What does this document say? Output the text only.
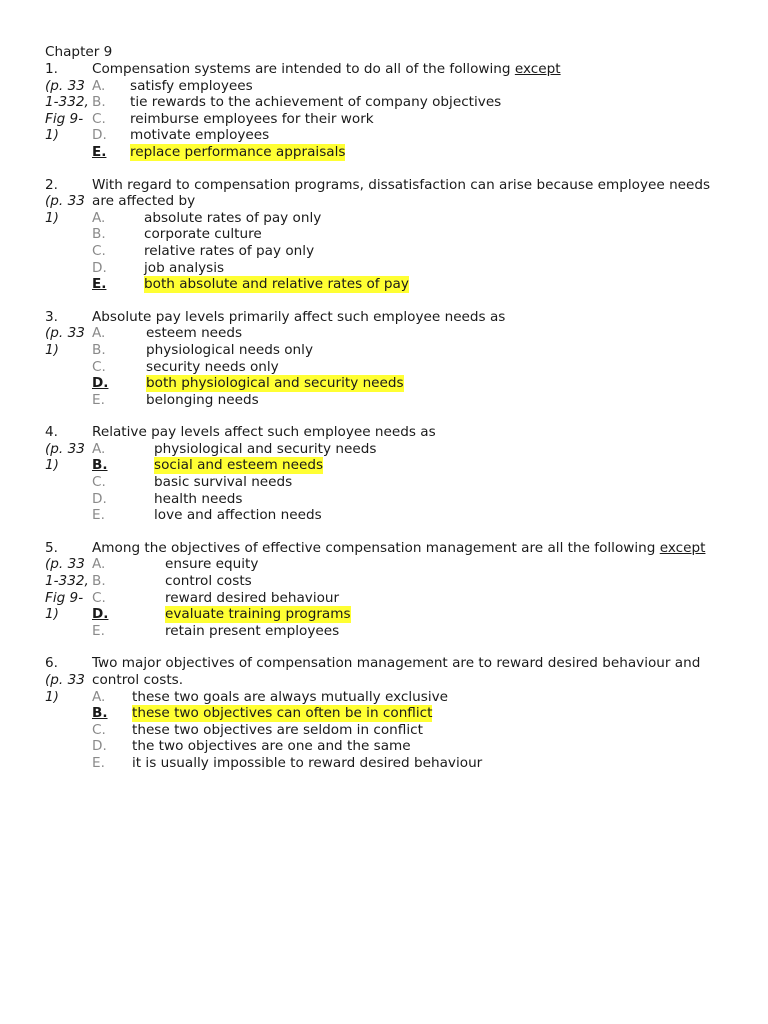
Chapter 9
1.	Compensation systems are intended to do all of the following except
(p. 33 A. satisfy employees
1-332, B. tie rewards to the achievement of company objectives
Fig 9- C. reimburse employees for their work
1) D. motivate employees
E. replace performance appraisals
2.	With regard to compensation programs, dissatisfaction can arise because employee needs
(p. 33 are affected by
1) A.	absolute rates of pay only
B.	corporate culture
C.	relative rates of pay only
D.	job analysis
E.	both absolute and relative rates of pay
3.	Absolute pay levels primarily affect such employee needs as
(p. 33 A.	esteem needs
1) B.	physiological needs only
C.	security needs only
D.	both physiological and security needs
E.	belonging needs
4.	Relative pay levels affect such employee needs as
(p. 33 A.	physiological and security needs
1) B.	social and esteem needs
C.	basic survival needs
D.	health needs
E.	love and affection needs
5.	Among the objectives of effective compensation management are all the following except
(p. 33 A.	ensure equity
1-332, B.	control costs
Fig 9- C.	reward desired behaviour
1) D.	evaluate training programs
E.	retain present employees
6.	Two major objectives of compensation management are to reward desired behaviour and
(p. 33 control costs.
1) A. these two goals are always mutually exclusive
B. these two objectives can often be in conflict
C. these two objectives are seldom in conflict
D. the two objectives are one and the same
E. it is usually impossible to reward desired behaviour
